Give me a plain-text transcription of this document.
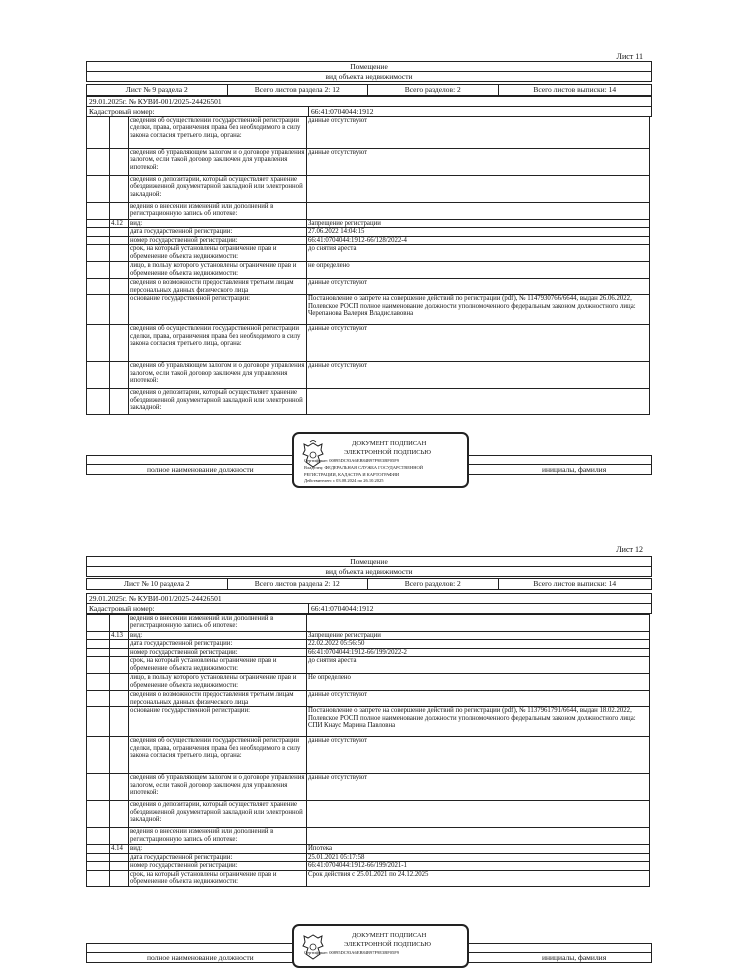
Лист 11
Помещение
вид объекта недвижимости
Лист № 9 раздела 2	Всего листов раздела 2: 12	Всего разделов: 2	Всего листов выписки: 14
29.01.2025г. № КУВИ-001/2025-24426501
Кадастровый номер:	66:41:0704044:1912
		сведения об осуществлении государственной регистрации сделки, права, ограничения права без необходимого в силу закона согласия третьего лица, органа:	данные отсутствуют
		сведения об управляющем залогом и о договоре управления залогом, если такой договор заключен для управления ипотекой:	данные отсутствуют
		сведения о депозитарии, который осуществляет хранение обездвиженной документарной закладной или электронной закладной:	
		ведения о внесении изменений или дополнений в регистрационную запись об ипотеке:	
	4.12	вид:	Запрещение регистрации
		дата государственной регистрации:	27.06.2022 14:04:15
		номер государственной регистрации:	66:41:0704044:1912-66/128/2022-4
		срок, на который установлены ограничение прав и обременение объекта недвижимости:	до снятия ареста
		лицо, в пользу которого установлены ограничение прав и обременение объекта недвижимости:	не определено
		сведения о возможности предоставления третьим лицам персональных данных физического лица	данные отсутствуют
		основание государственной регистрации:	Постановление о запрете на совершение действий по регистрации (pdf), № 1147930766/6644, выдан 26.06.2022, Полевское РОСП полное наименование должности уполномоченного федеральным законом должностного лица: Черепанова Валерия Владиславовна
		сведения об осуществлении государственной регистрации сделки, права, ограничения права без необходимого в силу закона согласия третьего лица, органа:	данные отсутствуют
		сведения об управляющем залогом и о договоре управления залогом, если такой договор заключен для управления ипотекой:	данные отсутствуют
		сведения о депозитарии, который осуществляет хранение обездвиженной документарной закладной или электронной закладной:	
полное наименование должности	инициалы, фамилия
ДОКУМЕНТ ПОДПИСАН
ЭЛЕКТРОННОЙ ПОДПИСЬЮ
Сертификат: 00895DC93A6EB84B97F9E3BF05F9
Владелец: ФЕДЕРАЛЬНАЯ СЛУЖБА ГОСУДАРСТВЕННОЙ
РЕГИСТРАЦИИ, КАДАСТРА И КАРТОГРАФИИ
Действителен: с 03.08.2024 по 26.10.2025
Лист 12
Помещение
вид объекта недвижимости
Лист № 10 раздела 2	Всего листов раздела 2: 12	Всего разделов: 2	Всего листов выписки: 14
29.01.2025г. № КУВИ-001/2025-24426501
Кадастровый номер:	66:41:0704044:1912
		ведения о внесении изменений или дополнений в регистрационную запись об ипотеке:	
	4.13	вид:	Запрещение регистрации
		дата государственной регистрации:	22.02.2022 05:56:50
		номер государственной регистрации:	66:41:0704044:1912-66/199/2022-2
		срок, на который установлены ограничение прав и обременение объекта недвижимости:	до снятия ареста
		лицо, в пользу которого установлены ограничение прав и обременение объекта недвижимости:	Не определено
		сведения о возможности предоставления третьим лицам персональных данных физического лица	данные отсутствуют
		основание государственной регистрации:	Постановление о запрете на совершение действий по регистрации (pdf), № 1137961791/6644, выдан 18.02.2022, Полевское РОСП полное наименование должности уполномоченного федеральным законом должностного лица: СПИ Кнаус Марина Павловна
		сведения об осуществлении государственной регистрации сделки, права, ограничения права без необходимого в силу закона согласия третьего лица, органа:	данные отсутствуют
		сведения об управляющем залогом и о договоре управления залогом, если такой договор заключен для управления ипотекой:	данные отсутствуют
		сведения о депозитарии, который осуществляет хранение обездвиженной документарной закладной или электронной закладной:	
		ведения о внесении изменений или дополнений в регистрационную запись об ипотеке:	
	4.14	вид:	Ипотека
		дата государственной регистрации:	25.01.2021 05:17:58
		номер государственной регистрации:	66:41:0704044:1912-66/199/2021-1
		срок, на который установлены ограничение прав и обременение объекта недвижимости:	Срок действия с 25.01.2021 по 24.12.2025
полное наименование должности	инициалы, фамилия
ДОКУМЕНТ ПОДПИСАН
ЭЛЕКТРОННОЙ ПОДПИСЬЮ
Сертификат: 00895DC93A6EB84B97F9E3BF05F9
